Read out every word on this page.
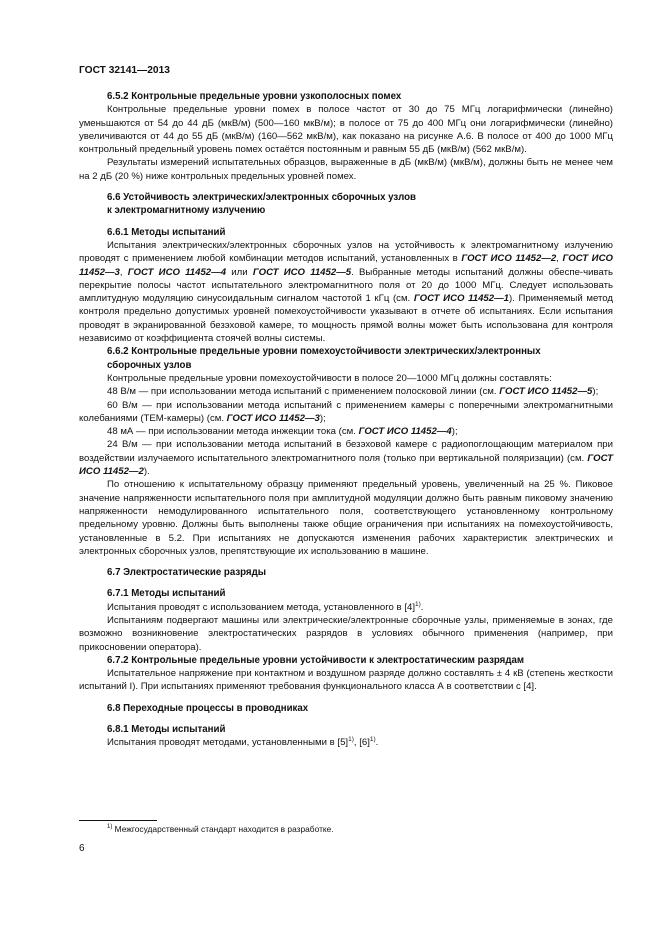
ГОСТ 32141—2013
6.5.2 Контрольные предельные уровни узкополосных помех

Контрольные предельные уровни помех в полосе частот от 30 до 75 МГц логарифмически (линейно) уменьшаются от 54 до 44 дБ (мкВ/м) (500—160 мкВ/м); в полосе от 75 до 400 МГц они логарифмически (линейно) увеличиваются от 44 до 55 дБ (мкВ/м) (160—562 мкВ/м), как показано на рисунке А.6. В полосе от 400 до 1000 МГц контрольный предельный уровень помех остаётся постоянным и равным 55 дБ (мкВ/м) (562 мкВ/м).

Результаты измерений испытательных образцов, выраженные в дБ (мкВ/м) (мкВ/м), должны быть не менее чем на 2 дБ (20 %) ниже контрольных предельных уровней помех.

6.6 Устойчивость электрических/электронных сборочных узлов
к электромагнитному излучению
6.6.1 Методы испытаний

Испытания электрических/электронных сборочных узлов на устойчивость к электромагнитному излучению проводят с применением любой комбинации методов испытаний, установленных в ГОСТ ИСО 11452—2, ГОСТ ИСО 11452—3, ГОСТ ИСО 11452—4 или ГОСТ ИСО 11452—5. Выбранные методы испытаний должны обеспе-чивать перекрытие полосы частот испытательного электромагнитного поля от 20 до 1000 МГц. Следует использовать амплитудную модуляцию синусоидальным сигналом частотой 1 кГц (см. ГОСТ ИСО 11452—1). Применяемый метод контроля предельно допустимых уровней помехоустойчивости указывают в отчете об испытаниях. Если испытания проводят в экранированной безэховой камере, то мощность прямой волны может быть использована для контроля независимо от коэффициента стоячей волны системы.

6.6.2 Контрольные предельные уровни помехоустойчивости электрических/электронных
сборочных узлов

Контрольные предельные уровни помехоустойчивости в полосе 20—1000 МГц должны составлять:

48 В/м — при использовании метода испытаний с применением полосковой линии (см. ГОСТ ИСО 11452—5);

60 В/м — при использовании метода испытаний с применением камеры с поперечными электромагнитными колебаниями (ТЕМ-камеры) (см. ГОСТ ИСО 11452—3);

48 мА — при использовании метода инжекции тока (см. ГОСТ ИСО 11452—4);

24 В/м — при использовании метода испытаний в безэховой камере с радиопоглощающим материалом при воздействии излучаемого испытательного электромагнитного поля (только при вертикальной поляризации) (см. ГОСТ ИСО 11452—2).

По отношению к испытательному образцу применяют предельный уровень, увеличенный на 25 %. Пиковое значение напряженности испытательного поля при амплитудной модуляции должно быть равным пиковому значению напряженности немодулированного испытательного поля, соответствующего установленному контрольному предельному уровню. Должны быть выполнены также общие ограничения при испытаниях на помехоустойчивость, установленные в 5.2. При испытаниях не допускаются изменения рабочих характеристик электрических и электронных сборочных узлов, препятствующие их использованию в машине.

6.7 Электростатические разряды
6.7.1 Методы испытаний

Испытания проводят с использованием метода, установленного в $[4]^{1)}$.

Испытаниям подвергают машины или электрические/электронные сборочные узлы, применяемые в зонах, где возможно возникновение электростатических разрядов в условиях обычного применения (например, при прикосновении оператора).

6.7.2 Контрольные предельные уровни устойчивости к электростатическим разрядам

Испытательное напряжение при контактном и воздушном разряде должно составлять ± 4 кВ (степень жесткости испытаний I). При испытаниях применяют требования функционального класса А в соответствии с [4].

6.8 Переходные процессы в проводниках
6.8.1 Методы испытаний

Испытания проводят методами, установленными в $[5]^{1)}$, $[6]^{1)}$.

$^{1)}$ Межгосударственный стандарт находится в разработке.
6
